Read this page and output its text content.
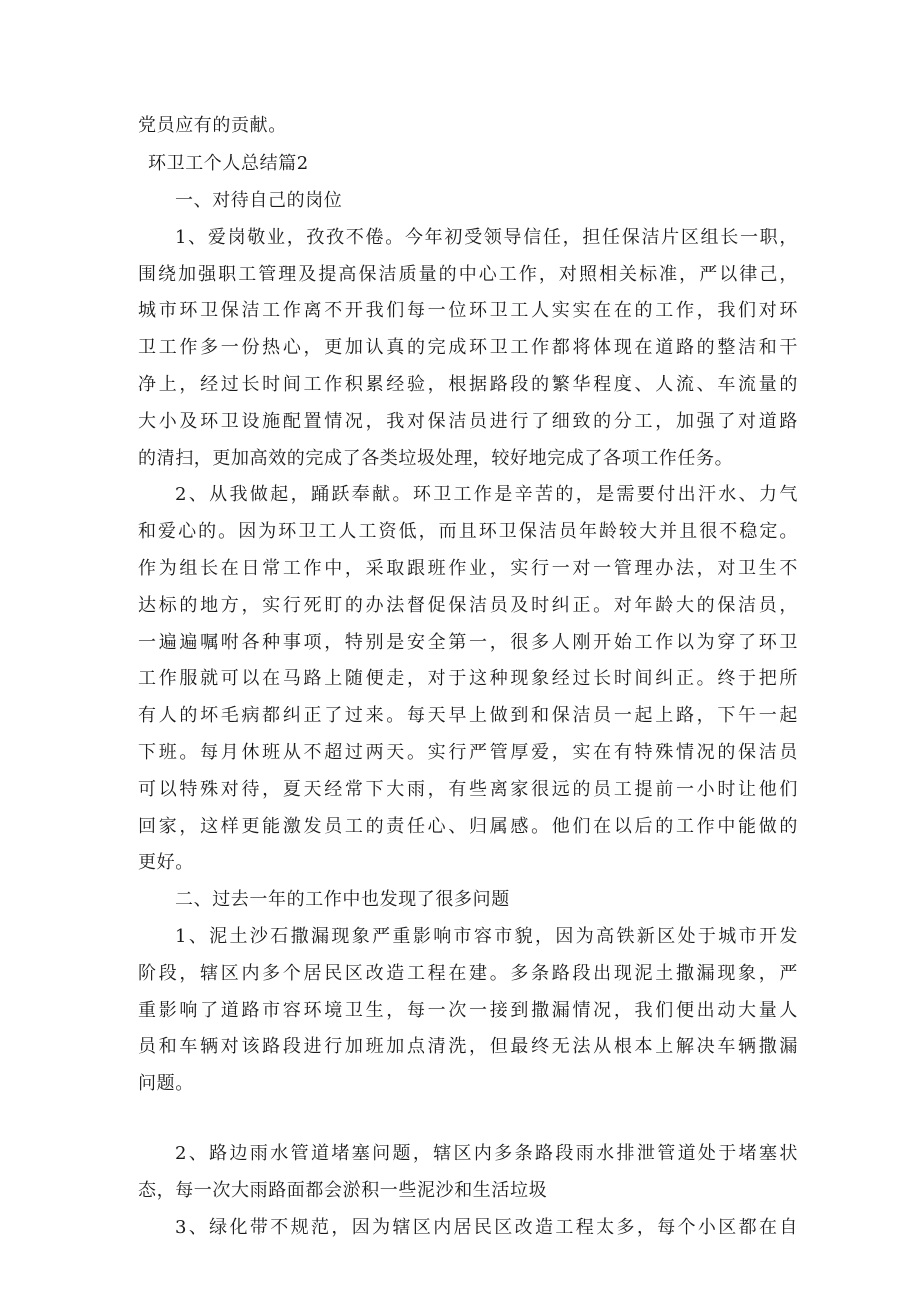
党员应有的贡献。
环卫工个人总结篇2
一、对待自己的岗位
1、爱岗敬业，孜孜不倦。今年初受领导信任，担任保洁片区组长一职，
围绕加强职工管理及提高保洁质量的中心工作，对照相关标准，严以律己，
城市环卫保洁工作离不开我们每一位环卫工人实实在在的工作，我们对环
卫工作多一份热心，更加认真的完成环卫工作都将体现在道路的整洁和干
净上，经过长时间工作积累经验，根据路段的繁华程度、人流、车流量的
大小及环卫设施配置情况，我对保洁员进行了细致的分工，加强了对道路
的清扫，更加高效的完成了各类垃圾处理，较好地完成了各项工作任务。
2、从我做起，踊跃奉献。环卫工作是辛苦的，是需要付出汗水、力气
和爱心的。因为环卫工人工资低，而且环卫保洁员年龄较大并且很不稳定。
作为组长在日常工作中，采取跟班作业，实行一对一管理办法，对卫生不
达标的地方，实行死盯的办法督促保洁员及时纠正。对年龄大的保洁员，
一遍遍嘱咐各种事项，特别是安全第一，很多人刚开始工作以为穿了环卫
工作服就可以在马路上随便走，对于这种现象经过长时间纠正。终于把所
有人的坏毛病都纠正了过来。每天早上做到和保洁员一起上路，下午一起
下班。每月休班从不超过两天。实行严管厚爱，实在有特殊情况的保洁员
可以特殊对待，夏天经常下大雨，有些离家很远的员工提前一小时让他们
回家，这样更能激发员工的责任心、归属感。他们在以后的工作中能做的
更好。
二、过去一年的工作中也发现了很多问题
1、泥土沙石撒漏现象严重影响市容市貌，因为高铁新区处于城市开发
阶段，辖区内多个居民区改造工程在建。多条路段出现泥土撒漏现象，严
重影响了道路市容环境卫生，每一次一接到撒漏情况，我们便出动大量人
员和车辆对该路段进行加班加点清洗，但最终无法从根本上解决车辆撒漏
问题。
2、路边雨水管道堵塞问题，辖区内多条路段雨水排泄管道处于堵塞状
态，每一次大雨路面都会淤积一些泥沙和生活垃圾
3、绿化带不规范，因为辖区内居民区改造工程太多，每个小区都在自
